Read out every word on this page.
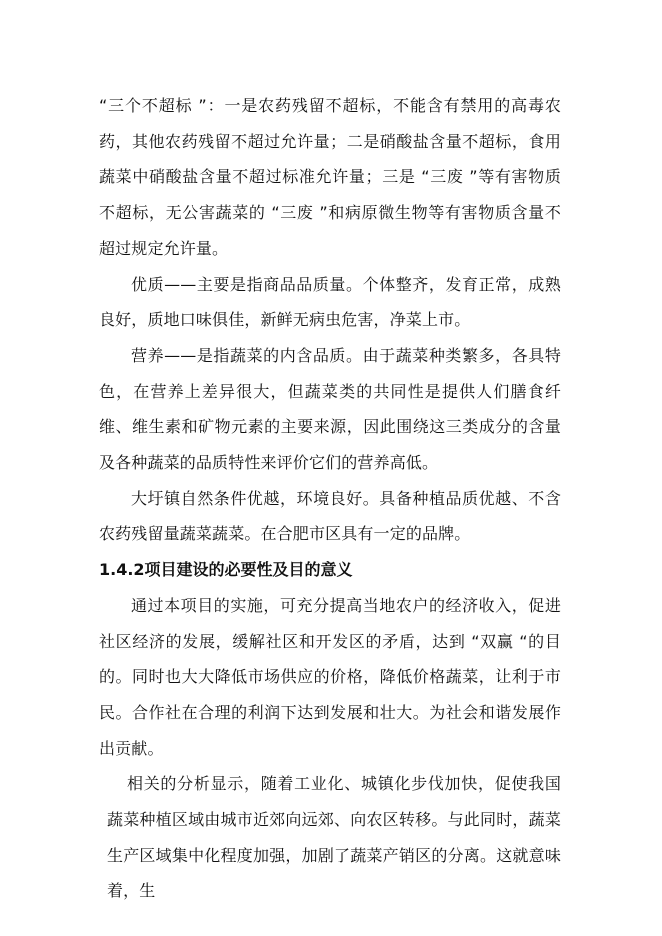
“三个不超标 ”：一是农药残留不超标，不能含有禁用的高毒农药，其他农药残留不超过允许量；二是硝酸盐含量不超标，食用蔬菜中硝酸盐含量不超过标准允许量；三是 “三废 ”等有害物质不超标，无公害蔬菜的 “三废 ”和病原微生物等有害物质含量不超过规定允许量。

优质——主要是指商品品质量。个体整齐，发育正常，成熟良好，质地口味俱佳，新鲜无病虫危害，净菜上市。

营养——是指蔬菜的内含品质。由于蔬菜种类繁多，各具特色，在营养上差异很大，但蔬菜类的共同性是提供人们膳食纤维、维生素和矿物元素的主要来源，因此围绕这三类成分的含量及各种蔬菜的品质特性来评价它们的营养高低。

大圩镇自然条件优越，环境良好。具备种植品质优越、不含农药残留量蔬菜蔬菜。在合肥市区具有一定的品牌。

1.4.2项目建设的必要性及目的意义

通过本项目的实施，可充分提高当地农户的经济收入，促进社区经济的发展，缓解社区和开发区的矛盾，达到 “双赢 “的目的。同时也大大降低市场供应的价格，降低价格蔬菜，让利于市民。合作社在合理的利润下达到发展和壮大。为社会和谐发展作出贡献。

相关的分析显示，随着工业化、城镇化步伐加快，促使我国蔬菜种植区域由城市近郊向远郊、向农区转移。与此同时，蔬菜生产区域集中化程度加强，加剧了蔬菜产销区的分离。这就意味着，生
